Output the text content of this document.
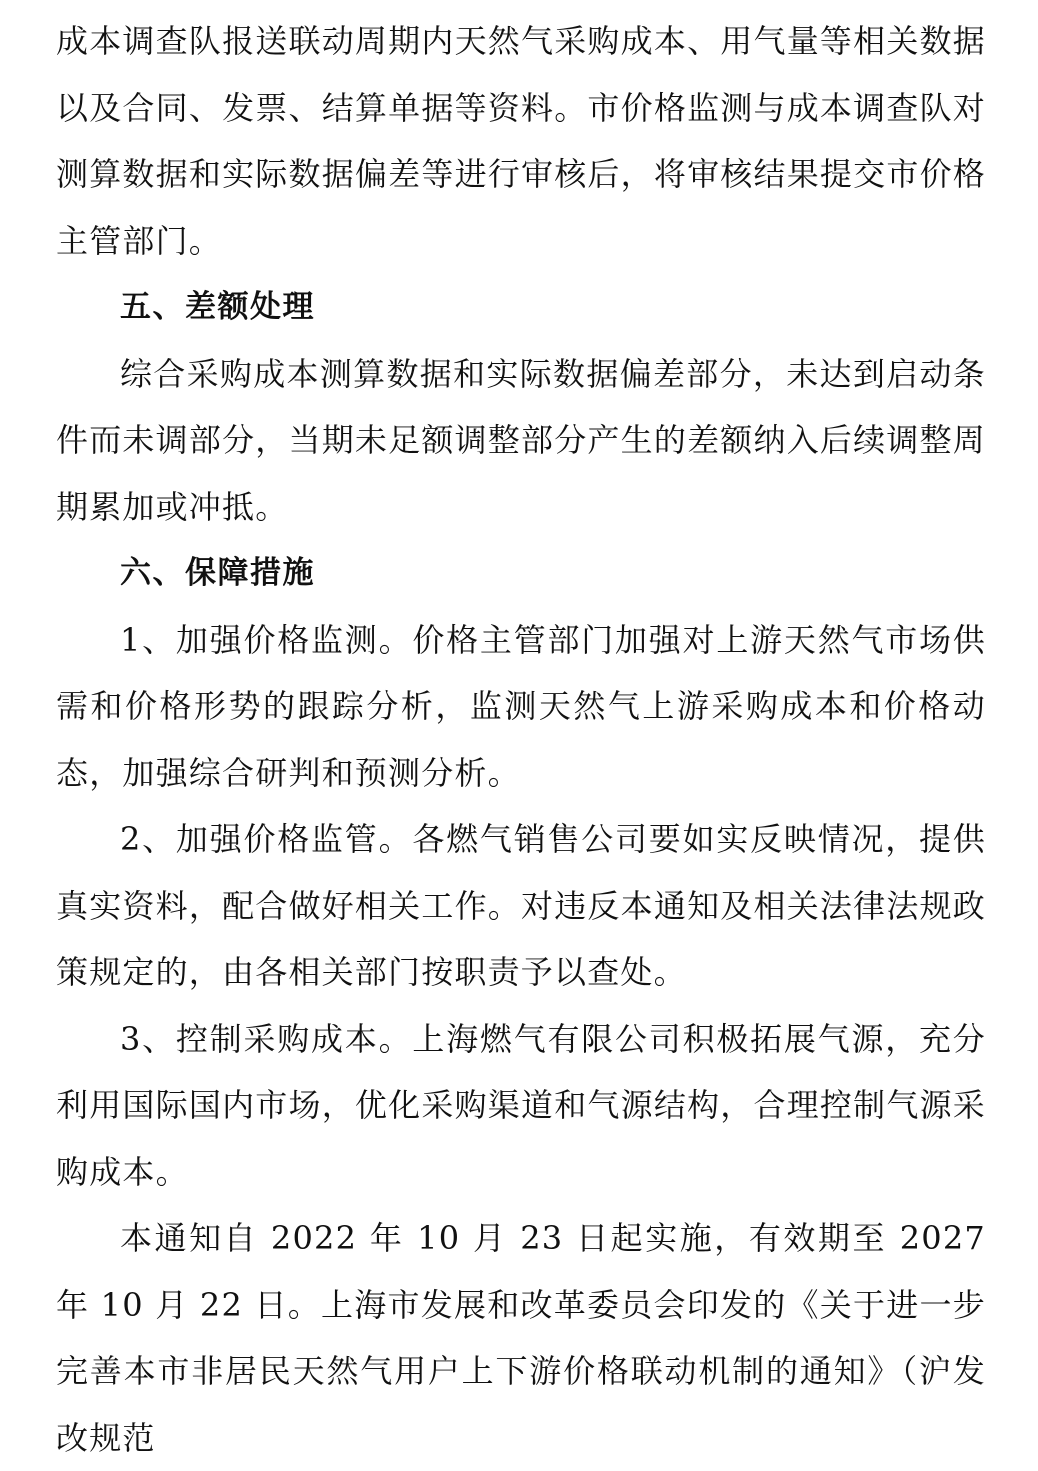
成本调查队报送联动周期内天然气采购成本、用气量等相关数据以及合同、发票、结算单据等资料。市价格监测与成本调查队对测算数据和实际数据偏差等进行审核后，将审核结果提交市价格主管部门。

五、差额处理

综合采购成本测算数据和实际数据偏差部分，未达到启动条件而未调部分，当期未足额调整部分产生的差额纳入后续调整周期累加或冲抵。

六、保障措施

1、加强价格监测。价格主管部门加强对上游天然气市场供需和价格形势的跟踪分析，监测天然气上游采购成本和价格动态，加强综合研判和预测分析。

2、加强价格监管。各燃气销售公司要如实反映情况，提供真实资料，配合做好相关工作。对违反本通知及相关法律法规政策规定的，由各相关部门按职责予以查处。

3、控制采购成本。上海燃气有限公司积极拓展气源，充分利用国际国内市场，优化采购渠道和气源结构，合理控制气源采购成本。

本通知自 2022 年 10 月 23 日起实施，有效期至 2027 年 10 月 22 日。上海市发展和改革委员会印发的《关于进一步完善本市非居民天然气用户上下游价格联动机制的通知》（沪发改规范
